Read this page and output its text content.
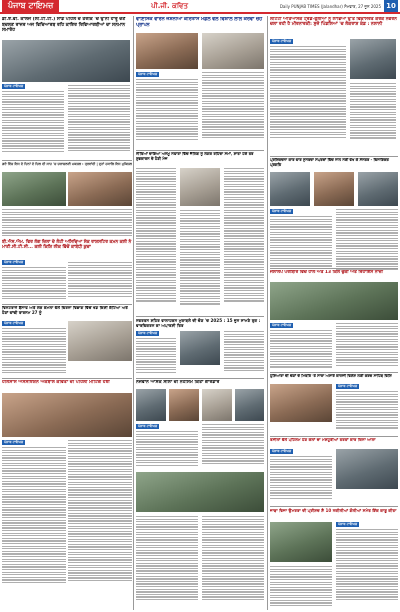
ਪੰਜਾਬ ਟਾਇਮਜ਼	ਪੀ.ਜੀ. ਕਵਿਤ	Daily PUNJAB TIMES (Jalandhar) ਸੋਮਵਾਰ, 27 ਜੂਨ 2025 10
ਡੀ.ਏ.ਵੀ. ਕਾਲਜ (ਲੀ.ਟੀ.ਟੀ.) ਸਾਡੇ ਪਹਿਲ ਦੇ ਤਰਕਿ 'ਚ ਉੱਨੀ ਹਾਰੂ ਦੇਣ ਬਦਲਣ ਰਾਜਰ ਅਜ ਵਿਦਿਆਰਥ ਰਹਿ ਕਾਇਰ ਰਿਵਿਆਰਥੀਆਂ ਦਾ ਸਨਮਾਨ ਸਮਾਰੋਹ
ਪੰਜਾਬ ਟਾਇਮਜ਼
ਵਾਇਸਿਕ ਵਾਰਨੇ ਜਸ਼ਨੀਆਂ ਕਰਿਤਾਂਸ ਮੰਡਲ ਵੱਲੋਂ ਵਿਸ਼ਾਲ ਲਾਲ ਕਰਵਾ ਚਹੰ ਪ੍ਰਾਪਨ
ਪੰਜਾਬ ਟਾਇਮਜ਼
ਲੋਟਿਟੀ ਅਤਿਆਸਕ ਟ੍ਰੇਡ-ਫੁਲੀਆਂ ਨੂੰ ਲਾਭਿਆ ਉੱਤੇ ਵਿਕਾਸਰਤ ਕਰਕੇ ਨਵਰਨ ਚਲਾ ਰਹੀ ਹੈ ਮੀਰਨਾਰਕੀ: ਸੁਜੋ ਪਿੰਡਲਿਆਂ 'ਚ ਲੋਕਰਾਸ਼ ਕੰਡ : ਨਲਾਨੀ
ਪੰਜਾਬ ਟਾਇਮਜ਼
ਨੀਤਿਆਂ ਦਾਇਆ ਅਨਮੂ ਨਫਾਰਾ ਵਿੱਚ ਜੈਲਿਗ ਨੂੰ ਲੰਗਰ ਰਹਿੰਦਾ ਸਮਾਂ, ਸ਼ਾਤਾ ਹੋਏ ਤਰ ਸ਼ੁਭਕਾਰਨ ਦੇ ਹੋਣੀ ਮੇਜ
ਗਏ ਵਿੱਚ ਇਸ ਦੇ ਦਿਨਾਂ ਦੇ ਦਿਲ ਦੀ ਸਾਹ 'ਚ ਚੜਾਸ਼ਲਈ ਮਕਸ਼ਲ : ਤ੍ਰਵਾਂਦੀ | ਦੁਨਾਂ ਹਕਾਲਿ ਇਸ ਮੁਕਿਸ਼ਲ
ਪ੍ਰਸ਼ਿਕਦਨਾ ਕਾਰ ਵਾਰ ਸੁਨਤਦਾ ਸਪਤਦਾਂ ਵਿੱਚ ਨਾਲ ਨਈ ਵੇਖ ਕੇ ਸੇਨਤਰ - ਵਿਨਾਇਕਤ ਪ੍ਰਗਤਿ
ਬੀ.ਐਸ.ਐਮ. ਵਿਰ ਲੱਗ ਜ਼ਿਲਾ ਦੇ ਲੋਟੀ ਅਸਿਦਿਆ ਸੱਕ ਰਾਸ਼ਸਟਿਰ ਕਮਨ ਕਲੀ ਨੇ ਮਾਣੀ.ਸੀ.ਟੀ.ਸੀ... ਕਲੀ ਕਿਸ਼ਿ ਲੀਕ ਵਿੱਚੋਂ ਕਾਬੰਧੀ ਕੁਦਾ
ਪੰਜਾਬ ਟਾਇਮਜ਼
ਪੰਜਾਬ ਟਾਇਮਜ਼
ਜਲਾਲਪ ਪਰੀਬਰਿ ਵਿੱਚ ਹਾਲ ਅਤੇ 13 ਕਿਲੋ ਚੁੱਕੀ ਅਤੇ ਰਿਹਾਇਸ ਨਾਜ਼ੀ
ਪੰਜਾਬ ਟਾਇਮਜ਼
ਨਵਰਤਨ ਸ਼ਹਿਰ ਵਾਲਾਹਕਨ ਮੁਕਾਬਲੇ ਦੀ ਚੋਣ 'ਚ 2025 : 15 ਜੂਨ ਸਾਮਣੇ ਰੁਕ : ਵਾਰਵਿਕਰਨ ਕਾ ਅਪਾਰਸ਼ੀ ਤਿਰ
ਪੰਜਾਬ ਟਾਇਮਜ਼
ਵਿਨਟਰਾਨੇ ਬੈਂਸਾਫ ਅਤੇ ਲੋਕ ਕੰਮਲਾ ਵੱਲੋਂ ਵਿਰਨਾ ਵਿਭਾਗ ਵਿੱਚੋਂ ਖੇਡ ਕਿਸ਼ੀ ਕੱਟਿਆ ਅਤੇ ਹੋਣਾਂ ਵਾਂਢੀ ਤਾਰਨਮ 27 ਨੂੰ
ਪੰਜਾਬ ਟਾਇਮਜ਼
ਹੋਲਿਸਾਂਸ ਐਸੋਸੀਏਸ਼ਨ ਅਕਬਾਲ ਕਵਿੱਤਾ ਦੀ ਪਹਿਲੀ ਮੀਟਿੰਗ ਹੋਈ
ਪੰਜਾਬ ਟਾਇਮਜ਼
ਨੌਜਵਾਨ ਆਸਕ ਸੀਲਾਂ ਦੀ ਨਹੀਸਮ ਕਿਤਾ ਗਾਰਡਾਰ
ਪੰਜਾਬ ਟਾਇਮਜ਼
ਹੁਸ਼ਿਆਰਾ ਦੀ ਚੋਣਾਂ ਦੇ ਮਿਤਰਿ 'ਤੇ ਸਾਰਾ ਅਸਾਰੇ ਕਾਲਜੀ ਵਿਸ਼ੇਸ਼ ਲਈ ਕਰਦ ਸਾਹਿਬ ਵਿਸ਼ਿ
ਪੰਜਾਬ ਟਾਇਮਜ਼
ਰਸੀਲਾਂ ਵੱਲੋਂ ਪਹਿਲਮ ਹੋਣ ਕੋਲਾਂ ਦਾ ਮਸ਼ਹੂਰੀਆਂ ਤਰਤਾਂ ਕਾਰ ਕਿਨਾ ਆਲਾ
ਪੰਜਾਬ ਟਾਇਮਜ਼
ਜਾਬਾ ਵਿਜਾ ਉਮਰਰਾ ਦੀ ਪ੍ਰੀਸ਼ਦ ਸ਼ੈ 10 ਨਕੀਲੀਆਂ ਗੋਲੀਆਂ ਸਮੇਤ ਇੱਕ ਕਾਬੂ ਕੀਤਾ
ਪੰਜਾਬ ਟਾਇਮਜ਼
